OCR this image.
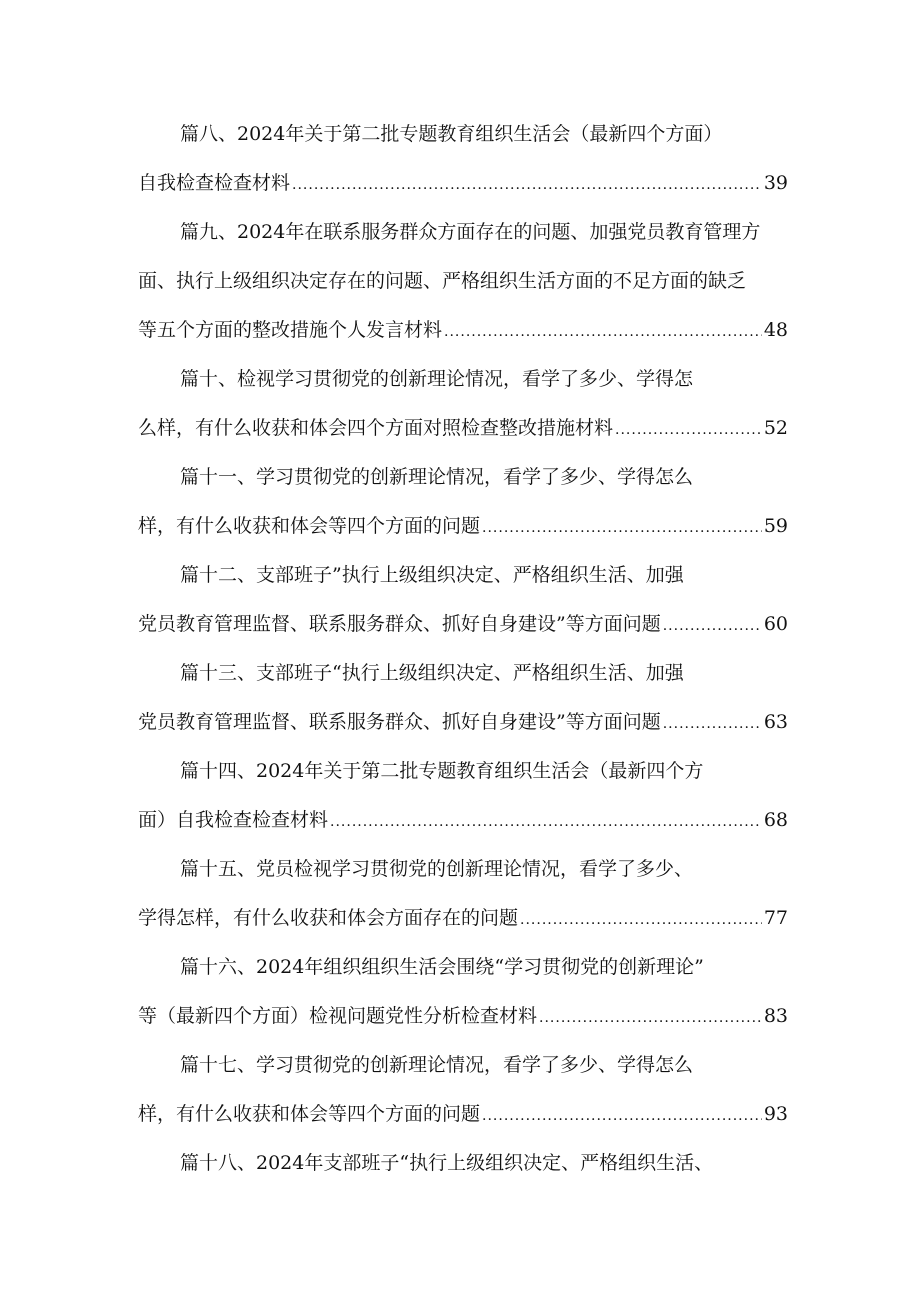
篇八、2024年关于第二批专题教育组织生活会（最新四个方面）
自我检查检查材料 .....	39
篇九、2024年在联系服务群众方面存在的问题、加强党员教育管理方
面、执行上级组织决定存在的问题、严格组织生活方面的不足方面的缺乏
等五个方面的整改措施个人发言材料 .....	48
篇十、检视学习贯彻党的创新理论情况，看学了多少、学得怎
么样，有什么收获和体会四个方面对照检查整改措施材料 .....	52
篇十一、学习贯彻党的创新理论情况，看学了多少、学得怎么
样，有什么收获和体会等四个方面的问题 .....	59
篇十二、支部班子”执行上级组织决定、严格组织生活、加强
党员教育管理监督、联系服务群众、抓好自身建设”等方面问题 .....	60
篇十三、支部班子“执行上级组织决定、严格组织生活、加强
党员教育管理监督、联系服务群众、抓好自身建设”等方面问题 .....	63
篇十四、2024年关于第二批专题教育组织生活会（最新四个方
面）自我检查检查材料 .....	68
篇十五、党员检视学习贯彻党的创新理论情况，看学了多少、
学得怎样，有什么收获和体会方面存在的问题 .....	77
篇十六、2024年组织组织生活会围绕“学习贯彻党的创新理论”
等（最新四个方面）检视问题党性分析检查材料 .....	83
篇十七、学习贯彻党的创新理论情况，看学了多少、学得怎么
样，有什么收获和体会等四个方面的问题 .....	93
篇十八、2024年支部班子“执行上级组织决定、严格组织生活、
